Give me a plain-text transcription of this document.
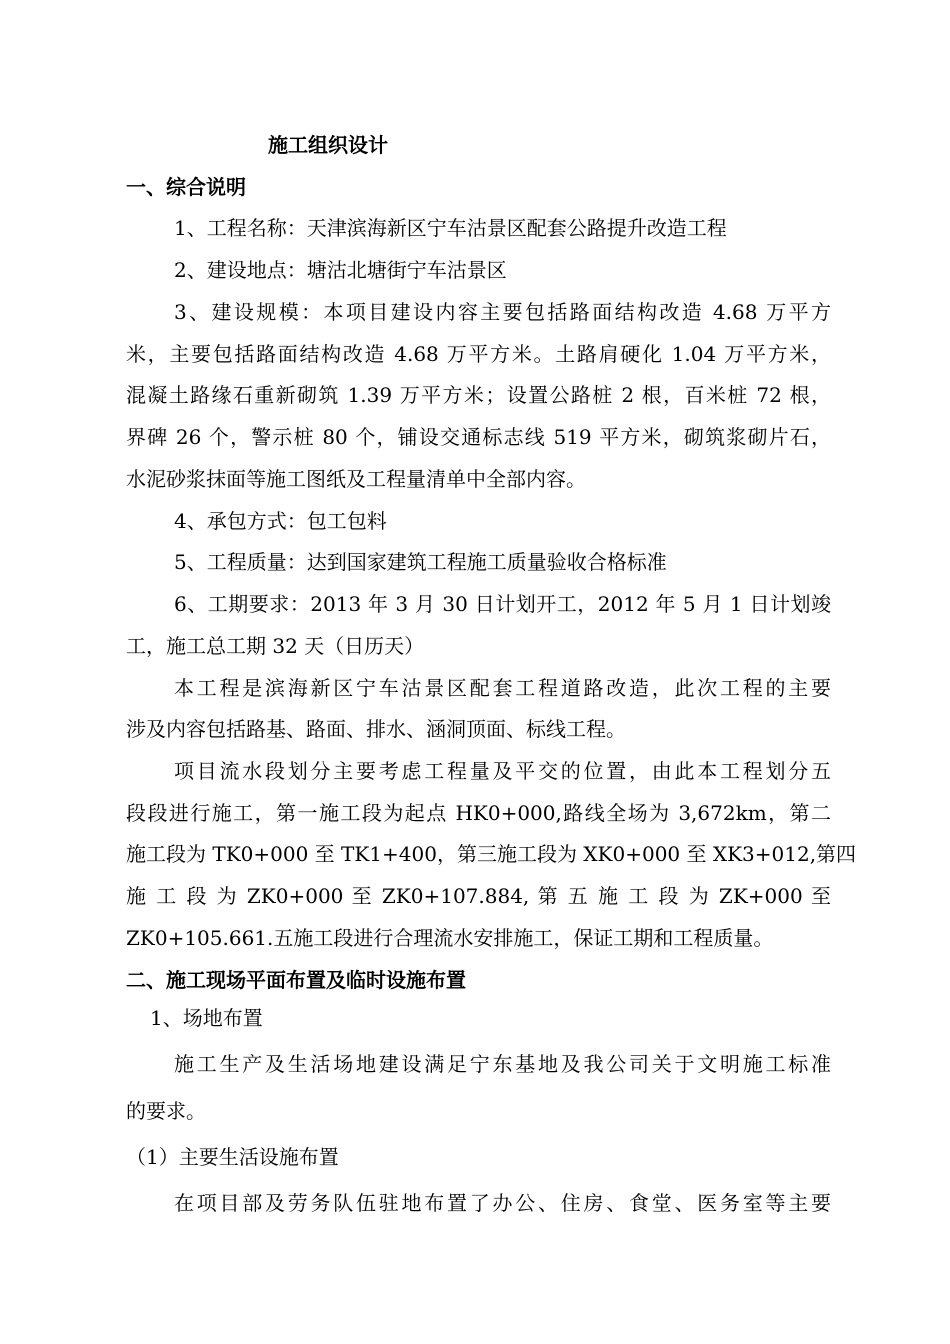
施工组织设计
一、综合说明
1、工程名称：天津滨海新区宁车沽景区配套公路提升改造工程
2、建设地点：塘沽北塘街宁车沽景区
3、建设规模：本项目建设内容主要包括路面结构改造 4.68 万平方
米，主要包括路面结构改造 4.68 万平方米。土路肩硬化 1.04 万平方米，
混凝土路缘石重新砌筑 1.39 万平方米；设置公路桩 2 根，百米桩 72 根，
界碑 26 个，警示桩 80 个，铺设交通标志线 519 平方米，砌筑浆砌片石，
水泥砂浆抹面等施工图纸及工程量清单中全部内容。
4、承包方式：包工包料
5、工程质量：达到国家建筑工程施工质量验收合格标准
6、工期要求：2013 年 3 月 30 日计划开工，2012 年 5 月 1 日计划竣
工，施工总工期 32 天（日历天）
本工程是滨海新区宁车沽景区配套工程道路改造，此次工程的主要
涉及内容包括路基、路面、排水、涵洞顶面、标线工程。
项目流水段划分主要考虑工程量及平交的位置，由此本工程划分五
段段进行施工，第一施工段为起点 HK0+000,路线全场为 3,672km，第二
施工段为 TK0+000 至 TK1+400，第三施工段为 XK0+000 至 XK3+012,第四
施 工 段 为 ZK0+000 至 ZK0+107.884, 第 五 施 工 段 为 ZK+000 至
ZK0+105.661.五施工段进行合理流水安排施工，保证工期和工程质量。
二、施工现场平面布置及临时设施布置
1、场地布置
施工生产及生活场地建设满足宁东基地及我公司关于文明施工标准
的要求。
（1）主要生活设施布置
在项目部及劳务队伍驻地布置了办公、住房、食堂、医务室等主要
